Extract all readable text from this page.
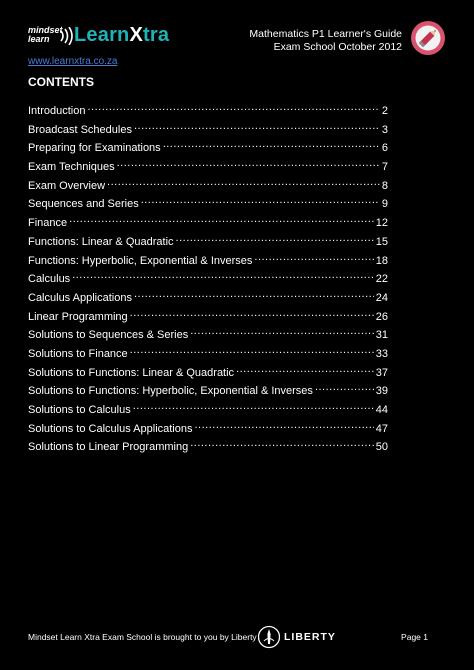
mindset
learn	LearnXtra	Mathematics P1 Learner's Guide
Exam School October 2012
www.learnxtra.co.za
CONTENTS
Introduction .....	2
Broadcast Schedules .....	3
Preparing for Examinations .....	6
Exam Techniques .....	7
Exam Overview .....	8
Sequences and Series .....	9
Finance .....	12
Functions: Linear & Quadratic .....	15
Functions: Hyperbolic, Exponential & Inverses .....	18
Calculus .....	22
Calculus Applications .....	24
Linear Programming .....	26
Solutions to Sequences & Series .....	31
Solutions to Finance .....	33
Solutions to Functions: Linear & Quadratic .....	37
Solutions to Functions: Hyperbolic, Exponential & Inverses .....	39
Solutions to Calculus .....	44
Solutions to Calculus Applications .....	47
Solutions to Linear Programming .....	50
Mindset Learn Xtra Exam School is brought to you by Liberty	LIBERTY	Page 1
